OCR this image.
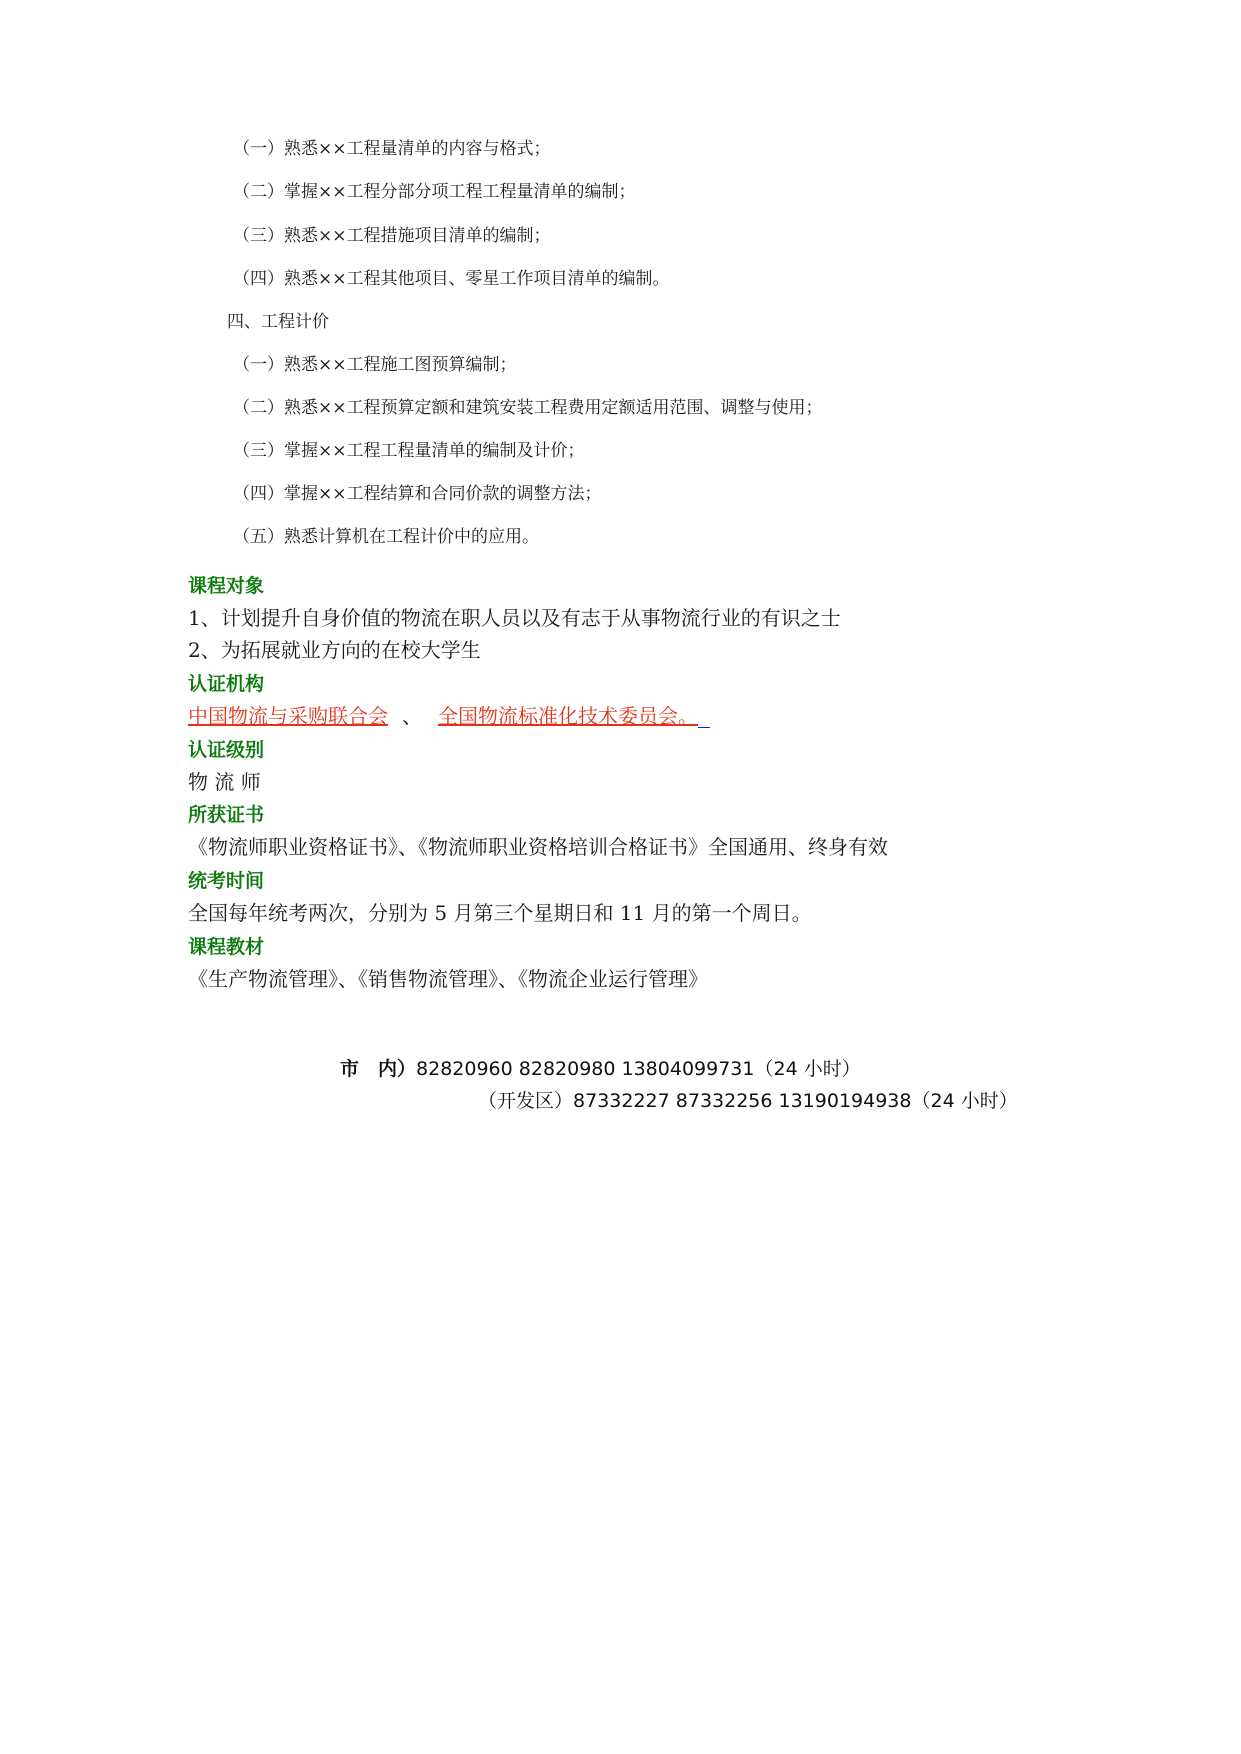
（一）熟悉××工程量清单的内容与格式；
（二）掌握××工程分部分项工程工程量清单的编制；
（三）熟悉××工程措施项目清单的编制；
（四）熟悉××工程其他项目、零星工作项目清单的编制。
四、工程计价
（一）熟悉××工程施工图预算编制；
（二）熟悉××工程预算定额和建筑安装工程费用定额适用范围、调整与使用；
（三）掌握××工程工程量清单的编制及计价；
（四）掌握××工程结算和合同价款的调整方法；
（五）熟悉计算机在工程计价中的应用。
课程对象
1、计划提升自身价值的物流在职人员以及有志于从事物流行业的有识之士
2、为拓展就业方向的在校大学生
认证机构
中国物流与采购联合会 、 全国物流标准化技术委员会。
认证级别
物 流 师
所获证书
《物流师职业资格证书》、《物流师职业资格培训合格证书》全国通用、终身有效
统考时间
全国每年统考两次，分别为 5 月第三个星期日和 11 月的第一个周日。
课程教材
《生产物流管理》、《销售物流管理》、《物流企业运行管理》
市　内）82820960 82820980 13804099731（24 小时）
（开发区）87332227 87332256 13190194938（24 小时）
